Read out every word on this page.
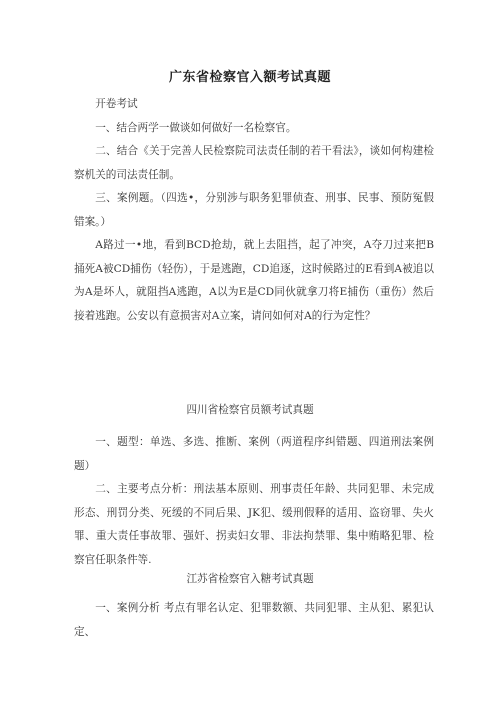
广东省检察官入额考试真题

开卷考试

一、结合两学一做谈如何做好一名检察官。

二、结合《关于完善人民检察院司法责任制的若干看法》，谈如何构建检察机关的司法责任制。

三、案例题。（四选•，分别涉与职务犯罪侦查、刑事、民事、预防冤假错案。）

A路过一•地，看到BCD抢劫，就上去阻挡，起了冲突，A夺刀过来把B捅死A被CD捕伤（轻伤），于是逃跑，CD追逐，这时候路过的E看到A被追以为A是坏人，就阻挡A逃跑，A以为E是CD同伙就拿刀将E捕伤（重伤）然后接着逃跑。公安以有意损害对A立案，请问如何对A的行为定性？

四川省检察官员额考试真题

一、题型：单选、多选、推断、案例（两道程序纠错题、四道刑法案例题）

二、主要考点分析：刑法基本原则、刑事责任年龄、共同犯罪、未完成形态、刑罚分类、死缓的不同后果、JK犯、缓刑假释的适用、盗窃罪、失火罪、重大责任事故罪、强奸、拐卖妇女罪、非法拘禁罪、集中贿略犯罪、检察官任职条件等.

江苏省检察官入糖考试真题

一、案例分析 考点有罪名认定、犯罪数额、共同犯罪、主从犯、累犯认定、
